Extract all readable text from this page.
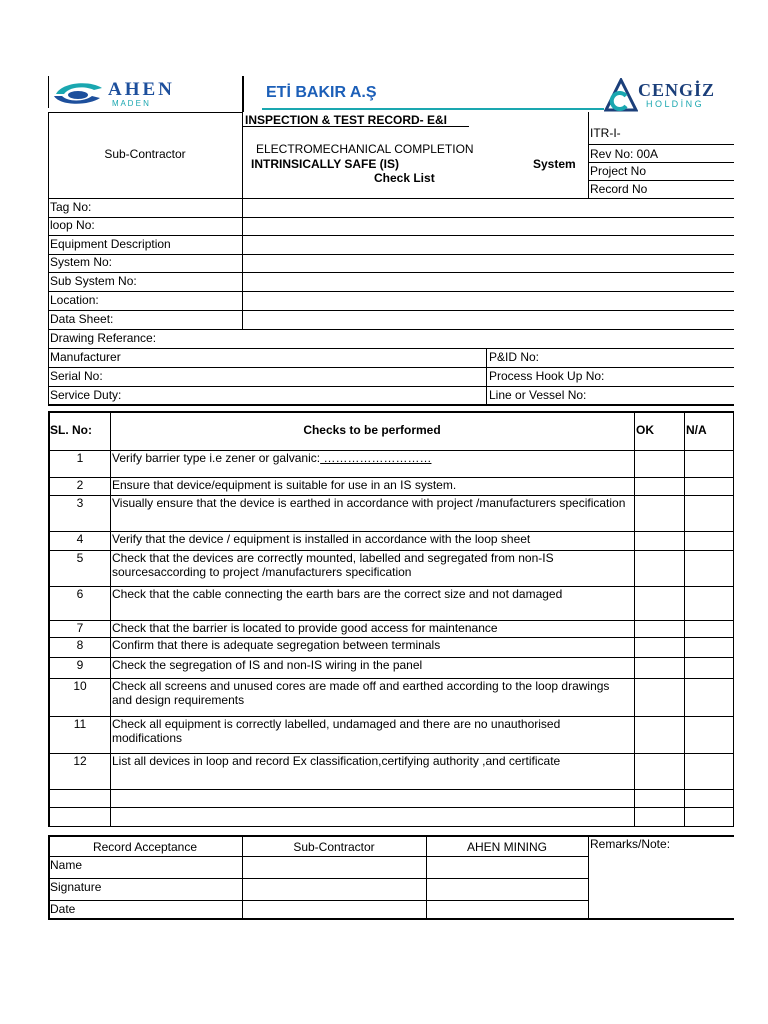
AHEN
M A D E N
ETİ BAKIR A.Ş	CENGİZ
H O L D İ N G
Sub-Contractor
INSPECTION & TEST RECORD- E&I
ELECTROMECHANICAL COMPLETION
INTRINSICALLY SAFE (IS)	System
Check List
ITR-I-
Rev No: 00A
Project No
Record No
Tag No:
loop No:
Equipment Description
System No:
Sub System No:
Location:
Data Sheet:
Drawing Referance:
Manufacturer	P&ID No:
Serial No:	Process Hook Up No:
Service Duty:	Line or Vessel No:
SL. No:	Checks to be performed	OK	N/A
1	Verify barrier type i.e zener or galvanic: ………………………
2	Ensure that device/equipment is suitable for use in an IS system.
3	Visually ensure that the device is earthed in accordance with project /manufacturers specification
4	Verify that the device / equipment is installed in accordance with the loop sheet
5	Check that the devices are correctly mounted, labelled and segregated from non-IS sourcesaccording to project /manufacturers specification
6	Check that the cable connecting the earth bars are the correct size and not damaged
7	Check that the barrier is located to provide good access for maintenance
8	Confirm that there is adequate segregation between terminals
9	Check the segregation of IS and non-IS wiring in the panel
10	Check all screens and unused cores are made off and earthed according to the loop drawings and design requirements
11	Check all equipment is correctly labelled, undamaged and there are no unauthorised modifications
12	List all devices in loop and record Ex classification,certifying authority ,and certificate
Record Acceptance	Sub-Contractor	AHEN MINING	Remarks/Note:
Name
Signature
Date
